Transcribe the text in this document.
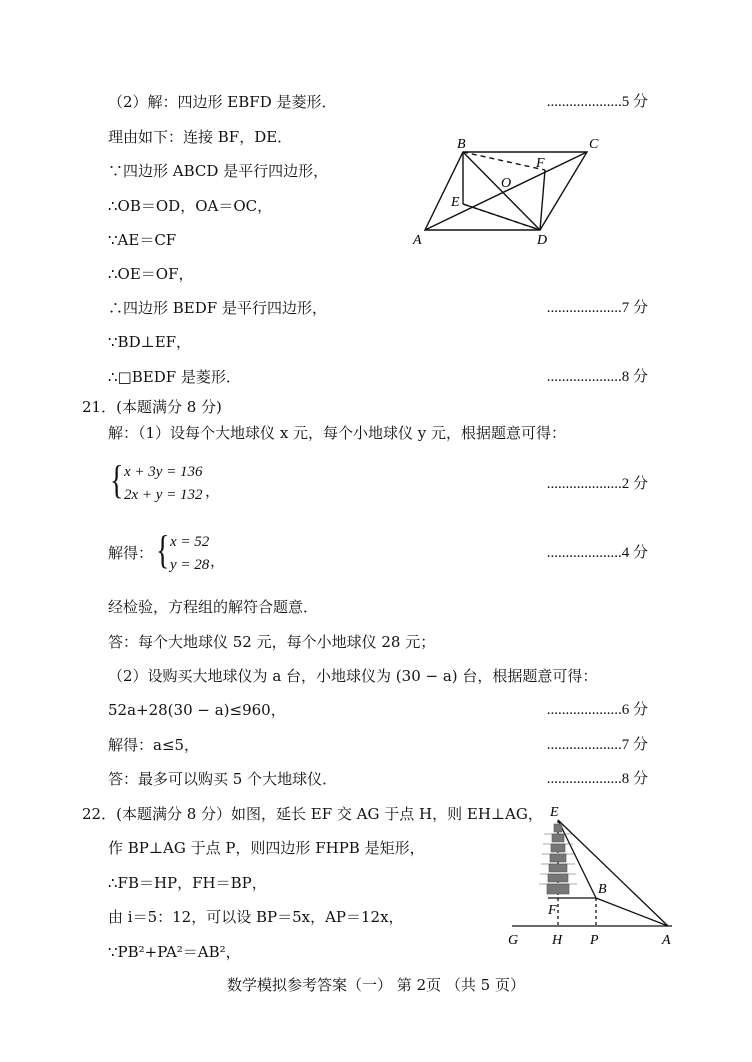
（2）解：四边形 EBFD 是菱形．	....................5 分
理由如下：连接 BF，DE．
∵四边形 ABCD 是平行四边形，
∴OB＝OD，OA＝OC，
∵AE＝CF
∴OE＝OF，
∴四边形 BEDF 是平行四边形，	....................7 分
∵BD⊥EF，
∴□BEDF 是菱形．	....................8 分
B	C
F
O
E
A	D
21．(本题满分 8 分)
解：（1）设每个大地球仪 x 元，每个小地球仪 y 元，根据题意可得：
{ x + 3y = 136
2x + y = 132 ，	....................2 分
解得： { x = 52
y = 28 ，	....................4 分
经检验，方程组的解符合题意．
答：每个大地球仪 52 元，每个小地球仪 28 元；
（2）设购买大地球仪为 a 台，小地球仪为 (30 − a) 台，根据题意可得：
52a+28(30 − a)≤960，	....................6 分
解得：a≤5，	....................7 分
答：最多可以购买 5 个大地球仪．	....................8 分
22．(本题满分 8 分）如图，延长 EF 交 AG 于点 H，则 EH⊥AG，
作 BP⊥AG 于点 P，则四边形 FHPB 是矩形，
∴FB＝HP，FH＝BP，
由 i＝5：12，可以设 BP＝5x，AP＝12x，
∵PB²+PA²＝AB²，
E
B
F
G H P	A
数学模拟参考答案（一） 第 2页 （共 5 页）
